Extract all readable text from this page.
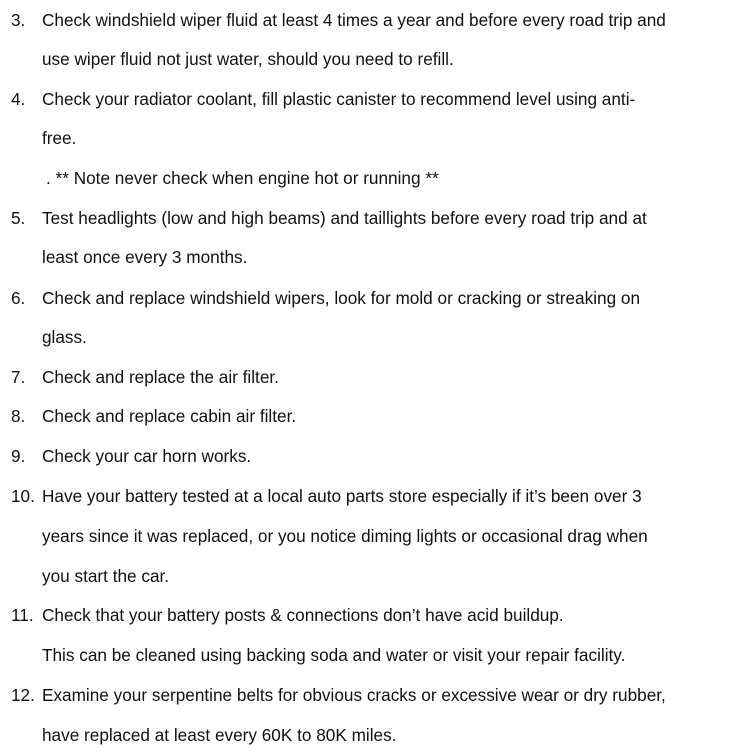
3. Check windshield wiper fluid at least 4 times a year and before every road trip and
use wiper fluid not just water, should you need to refill.
4. Check your radiator coolant, fill plastic canister to recommend level using anti-
free.
. ** Note never check when engine hot or running **
5. Test headlights (low and high beams) and taillights before every road trip and at
least once every 3 months.
6. Check and replace windshield wipers, look for mold or cracking or streaking on
glass.
7. Check and replace the air filter.
8. Check and replace cabin air filter.
9. Check your car horn works.
10. Have your battery tested at a local auto parts store especially if it’s been over 3
years since it was replaced, or you notice diming lights or occasional drag when
you start the car.
11. Check that your battery posts & connections don’t have acid buildup.
This can be cleaned using backing soda and water or visit your repair facility.
12. Examine your serpentine belts for obvious cracks or excessive wear or dry rubber,
have replaced at least every 60K to 80K miles.
